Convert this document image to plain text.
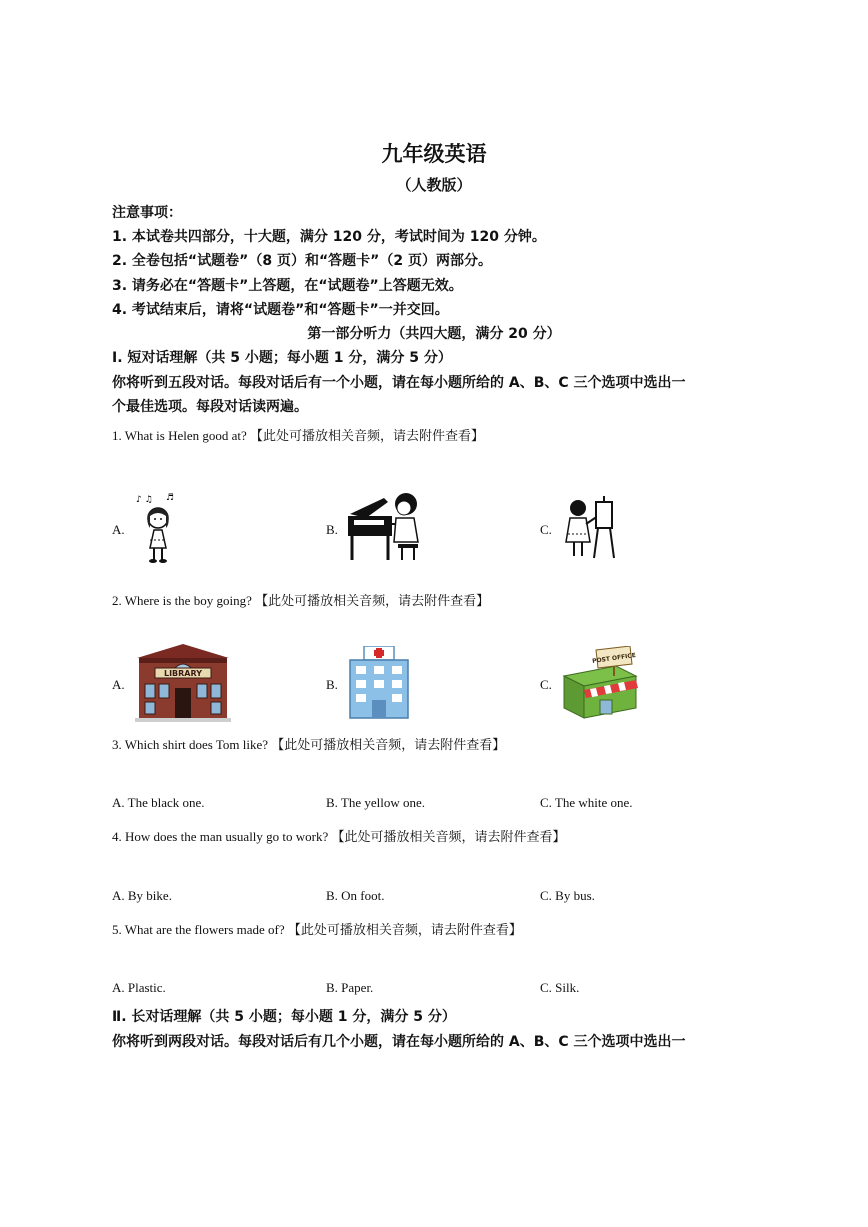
九年级英语
（人教版）
注意事项：
1. 本试卷共四部分，十大题，满分 120 分，考试时间为 120 分钟。
2. 全卷包括“试题卷”（8 页）和“答题卡”（2 页）两部分。
3. 请务必在“答题卡”上答题，在“试题卷”上答题无效。
4. 考试结束后，请将“试题卷”和“答题卡”一并交回。
第一部分听力（共四大题，满分 20 分）
Ⅰ. 短对话理解（共 5 小题；每小题 1 分，满分 5 分）
你将听到五段对话。每段对话后有一个小题，请在每小题所给的 A、B、C 三个选项中选出一
个最佳选项。每段对话读两遍。
1. What is Helen good at? 【此处可播放相关音频，请去附件查看】
A.
♪ ♫ ♬
B.	C.
2. Where is the boy going? 【此处可播放相关音频，请去附件查看】
A.
LIBRARY
B.	C.
POST OFFICE
3. Which shirt does Tom like? 【此处可播放相关音频，请去附件查看】
A. The black one.	B. The yellow one.	C. The white one.
4. How does the man usually go to work? 【此处可播放相关音频，请去附件查看】
A. By bike.	B. On foot.	C. By bus.
5. What are the flowers made of? 【此处可播放相关音频，请去附件查看】
A. Plastic.	B. Paper.	C. Silk.
Ⅱ. 长对话理解（共 5 小题；每小题 1 分，满分 5 分）
你将听到两段对话。每段对话后有几个小题，请在每小题所给的 A、B、C 三个选项中选出一
